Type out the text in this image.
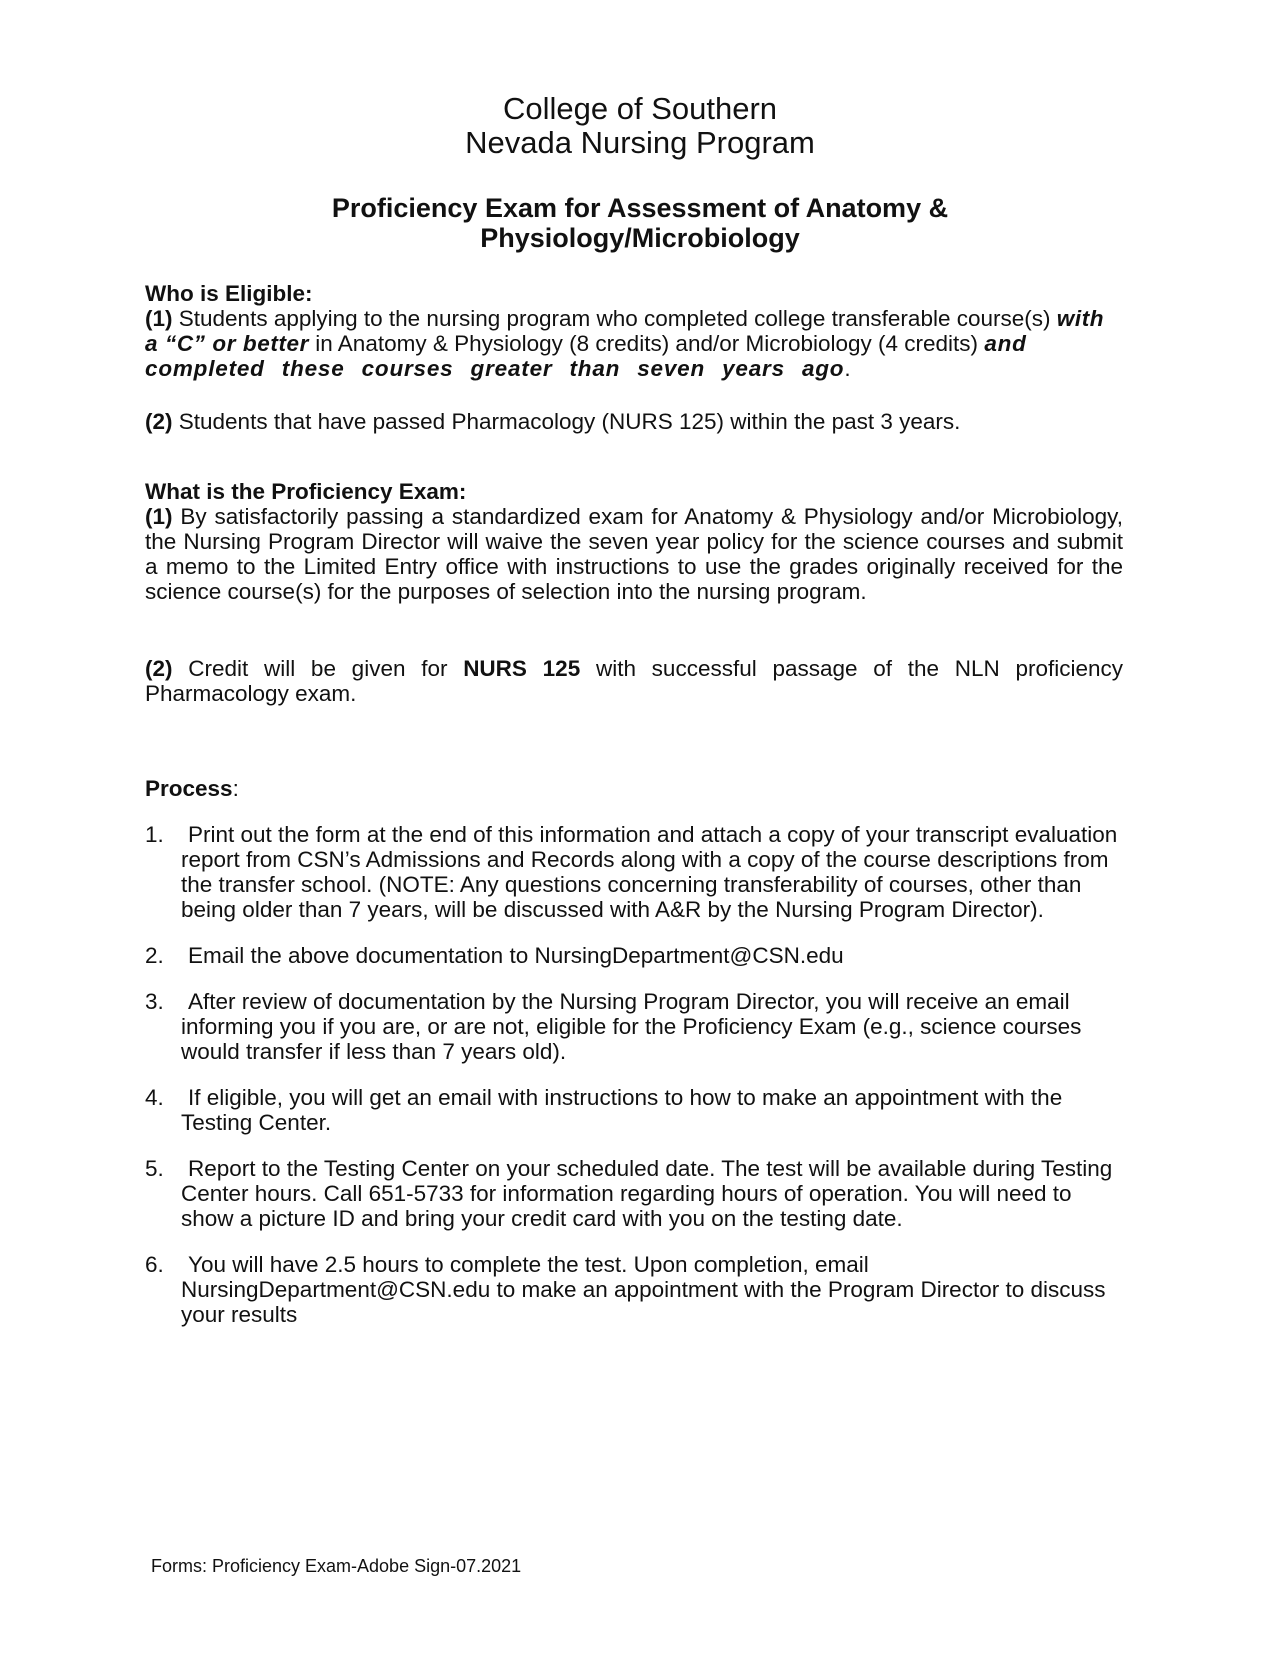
College of Southern
Nevada Nursing Program
Proficiency Exam for Assessment of Anatomy &
Physiology/Microbiology
Who is Eligible:

(1) Students applying to the nursing program who completed college transferable course(s) with a “C” or better in Anatomy & Physiology (8 credits) and/or Microbiology (4 credits) and completed these courses greater than seven years ago.

(2) Students that have passed Pharmacology (NURS 125) within the past 3 years.

What is the Proficiency Exam:

(1) By satisfactorily passing a standardized exam for Anatomy & Physiology and/or Microbiology, the Nursing Program Director will waive the seven year policy for the science courses and submit a memo to the Limited Entry office with instructions to use the grades originally received for the science course(s) for the purposes of selection into the nursing program.

(2) Credit will be given for NURS 125 with successful passage of the NLN proficiency Pharmacology exam.

Process:
1.	Print out the form at the end of this information and attach a copy of your transcript evaluation report from CSN’s Admissions and Records along with a copy of the course descriptions from the transfer school. (NOTE: Any questions concerning transferability of courses, other than being older than 7 years, will be discussed with A&R by the Nursing Program Director).
2.	Email the above documentation to NursingDepartment@CSN.edu
3.	After review of documentation by the Nursing Program Director, you will receive an email informing you if you are, or are not, eligible for the Proficiency Exam (e.g., science courses would transfer if less than 7 years old).
4.	If eligible, you will get an email with instructions to how to make an appointment with the Testing Center.
5.	Report to the Testing Center on your scheduled date. The test will be available during Testing Center hours. Call 651-5733 for information regarding hours of operation. You will need to show a picture ID and bring your credit card with you on the testing date.
6.	You will have 2.5 hours to complete the test. Upon completion, email NursingDepartment@CSN.edu to make an appointment with the Program Director to discuss your results
Forms: Proficiency Exam-Adobe Sign-07.2021
